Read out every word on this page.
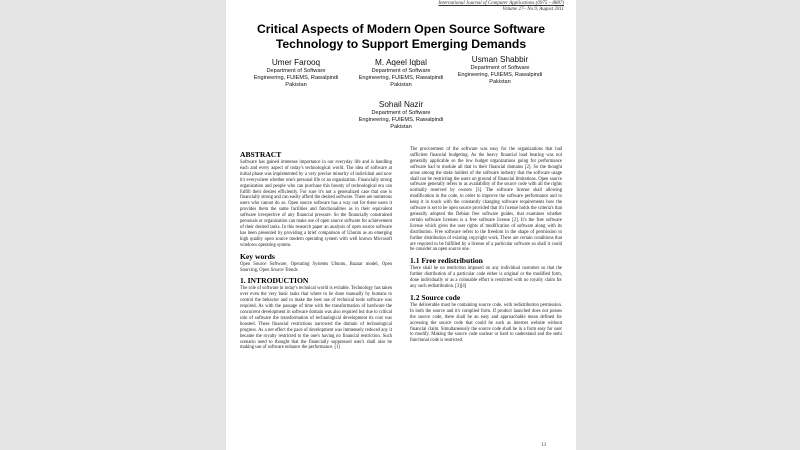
International Journal of Computer Applications (0975 – 8887)
Volume 27– No.9, August 2011
Critical Aspects of Modern Open Source Software
Technology to Support Emerging Demands
Umer Farooq
Department of Software
Engineering, FUIEMS, Rawalpindi
Pakistan
M. Aqeel Iqbal
Department of Software
Engineering, FUIEMS, Rawalpindi
Pakistan
Usman Shabbir
Department of Software
Engineering, FUIEMS, Rawalpindi
Pakistan
Sohail Nazir
Department of Software
Engineering, FUIEMS, Rawalpindi
Pakistan
ABSTRACT

Software has gained immense importance in our everyday life and is handling each and every aspect of today's technological world. The idea of software at initial phase was implemented by a very precise minority of individual and now it's everywhere whether one's personal life or an organization. Financially strong organization and people who can purchase this bounty of technological era can fulfill their desires efficiently. For sure it's not a generalized case that one is financially strong and can easily afford the desired software. There are numerous users who cannot do so. Open source software has a way out for these users it provides them the same facilities and functionalities as in their equivalent software irrespective of any financial pressure. So the financially constrained personals or organization can make use of open source software for achievement of their desired tasks. In this research paper an analysis of open source software has been presented by providing a brief comparison of Ubuntu as an emerging high quality open source modern operating system with well known Microsoft windows operating system.

Key words

Open Source Software, Operating Systems Ubuntu, Bazaar model, Open Sourcing, Open Source Trends

1. INTRODUCTION

The role of software in today's technical world is evitable. Technology has taken over even the very basic tasks that where to be done manually by humans to control the behavior and to make the best use of technical tools software was required. As with the passage of time with the transformation of hardware the concurrent development in software domain was also required but due to critical role of software the transformation of technological development its cost was boosted. These financial restrictions narrowed the domain of technological progress. As a net effect the pace of development was immensely reduced any it became the royalty restricted to the one's having no financial restriction. Such scenario need to thought that the financially suppressed user's shall also be making use of software enhance the performance. [1]

The procurement of the software was easy for the organizations that had sufficient financial budgeting. As the heavy financial load bearing was not generally applicable so the low budget organizations going for performance software had to module all that in their financial domains [2]. So the thought arose among the stake holders of the software industry that the software usage shall not be restricting the users on ground of financial limitations. Open source software generally refers to as availability of the source code with all the rights normally reserved by owners [3]. The software license shall allowing modification in the code, in order to improve the software performance and to keep it in touch with the constantly changing software requirements how the software is set to be open source provided that it's license holds the criteria's that generally adopted the Debian free software guides, that examines whether certain software licenses is a free software license [2]. It's the free software license which gives the user rights of modification of software along with its distribution. Free software refers to the freedom in the shape of permission to further distribution of existing copyright work. There are certain conditions that are required to be fulfilled by a license of a particular software so shall it could be consider an open source one.

1.1 Free redistribution

There shall be no restriction imposed on any individual customer so that the further distribution of a particular code either is original or the modified form, done individually or as a colonable effort is restricted with no royalty claim for any such redistribution. [3][4]

1.2 Source code

The deliverable must be containing source code, with redistribution permission. In both the source and it's complied form. If product launched does not posses the source code, there shall be an easy and approachable mean defined for accessing the source code that could be such as internet website without financial claim. Simultaneously the source code shall be in a form easy for user to modify. Making the source code unclear or hard to understand and the semi functional code is restricted.

13
